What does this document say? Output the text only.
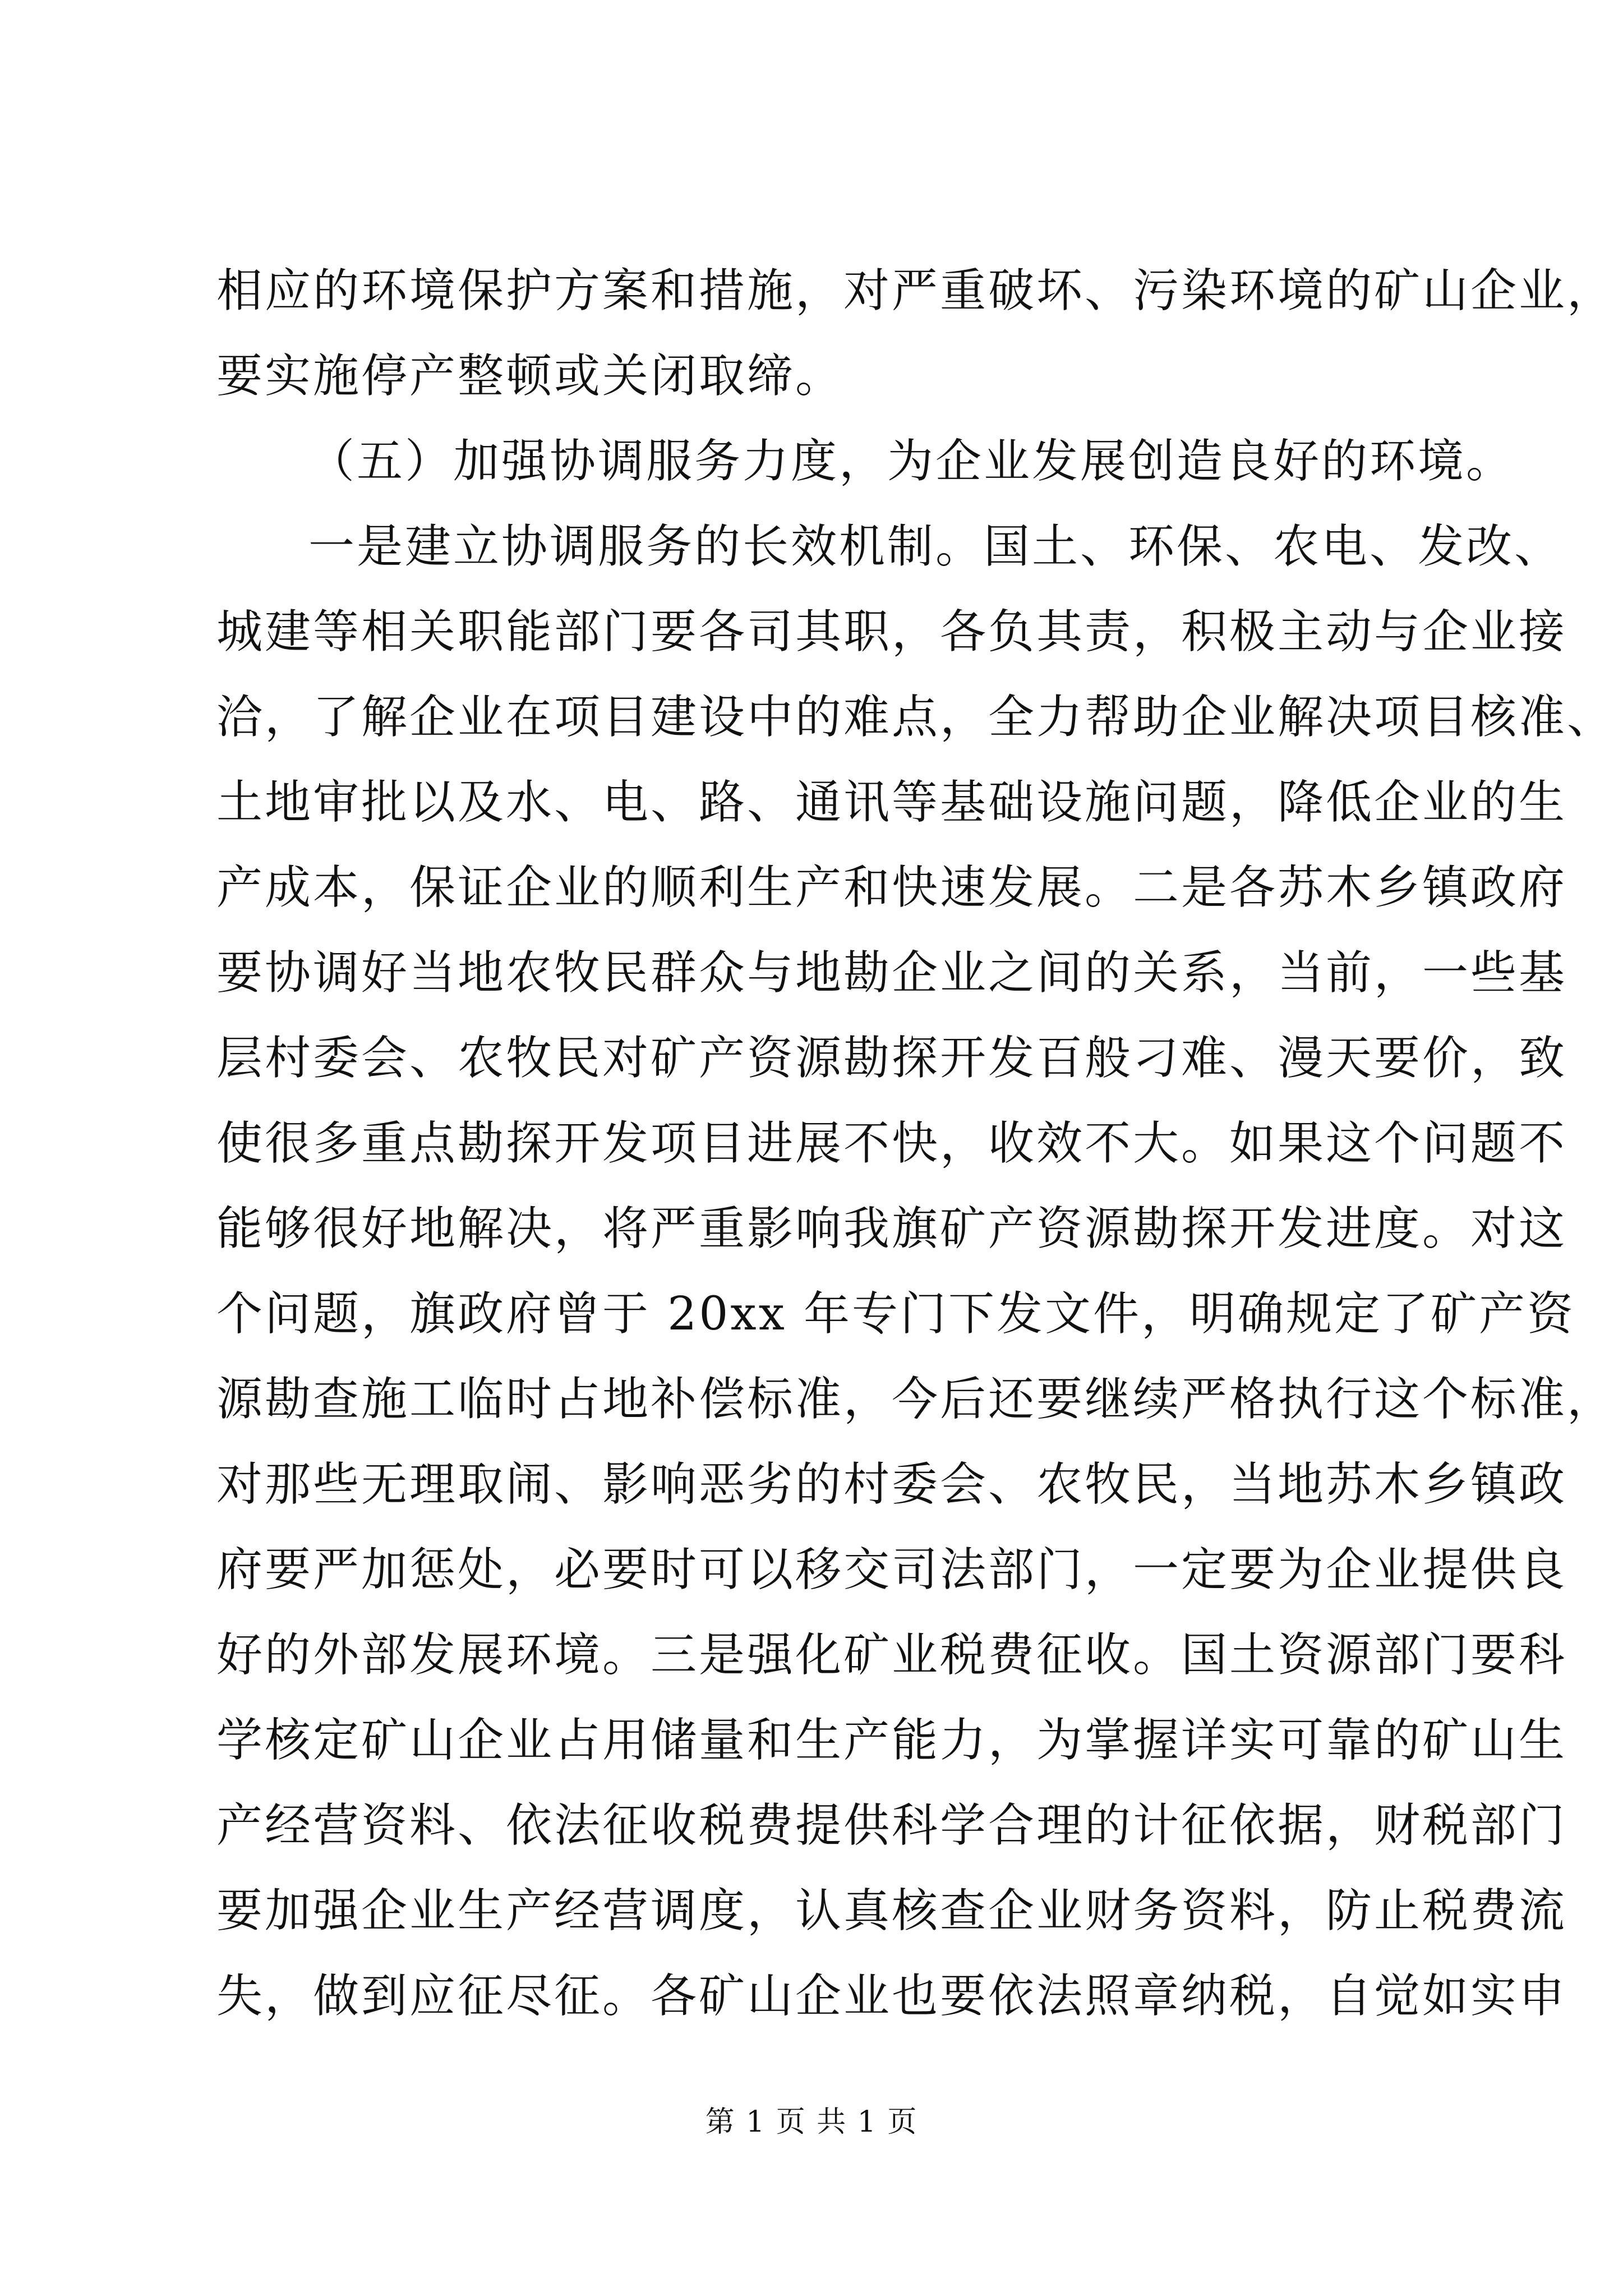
相应的环境保护方案和措施，对严重破坏、污染环境的矿山企业，
要实施停产整顿或关闭取缔。
（五）加强协调服务力度，为企业发展创造良好的环境。
一是建立协调服务的长效机制。国土、环保、农电、发改、
城建等相关职能部门要各司其职，各负其责，积极主动与企业接
洽，了解企业在项目建设中的难点，全力帮助企业解决项目核准、
土地审批以及水、电、路、通讯等基础设施问题，降低企业的生
产成本，保证企业的顺利生产和快速发展。二是各苏木乡镇政府
要协调好当地农牧民群众与地勘企业之间的关系，当前，一些基
层村委会、农牧民对矿产资源勘探开发百般刁难、漫天要价，致
使很多重点勘探开发项目进展不快，收效不大。如果这个问题不
能够很好地解决，将严重影响我旗矿产资源勘探开发进度。对这
个问题，旗政府曾于 20xx 年专门下发文件，明确规定了矿产资
源勘查施工临时占地补偿标准，今后还要继续严格执行这个标准，
对那些无理取闹、影响恶劣的村委会、农牧民，当地苏木乡镇政
府要严加惩处，必要时可以移交司法部门，一定要为企业提供良
好的外部发展环境。三是强化矿业税费征收。国土资源部门要科
学核定矿山企业占用储量和生产能力，为掌握详实可靠的矿山生
产经营资料、依法征收税费提供科学合理的计征依据，财税部门
要加强企业生产经营调度，认真核查企业财务资料，防止税费流
失，做到应征尽征。各矿山企业也要依法照章纳税，自觉如实申
第 1 页 共 1 页
